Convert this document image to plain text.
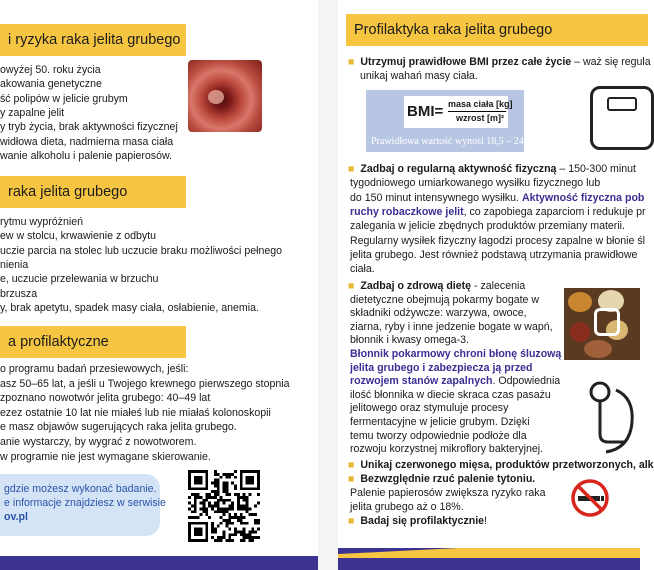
i ryzyka raka jelita grubego
owyżej 50. roku życia
akowania genetyczne
ść polipów w jelicie grubym
y zapalne jelit
y tryb życia, brak aktywności fizycznej
widłowa dieta, nadmierna masa ciała
wanie alkoholu i palenie papierosów.
raka jelita grubego
rytmu wypróżnień
ew w stolcu, krwawienie z odbytu
uczie parcia na stolec lub uczucie braku możliwości pełnego
nienia
e, uczucie przelewania w brzuchu
brzusza
y, brak apetytu, spadek masy ciała, osłabienie, anemia.
a profilaktyczne
o programu badań przesiewowych, jeśli:
asz 50–65 lat, a jeśli u Twojego krewnego pierwszego stopnia
zpoznano nowotwór jelita grubego: 40–49 lat
ezez ostatnie 10 lat nie miałeś lub nie miałaś kolonoskopii
e masz objawów sugerujących raka jelita grubego.
anie wystarczy, by wygrać z nowotworem.
w programie nie jest wymagane skierowanie.
gdzie możesz wykonać badanie.
e informacje znajdziesz w serwisie
ov.pl
Profilaktyka raka jelita grubego
■ Utrzymuj prawidłowe BMI przez całe życie – waż się regula
unikaj wahań masy ciała.
BMI= masa ciała [kg]
wzrost [m]²
Prawidłowa wartość wynosi 18,5 – 24,9.
■ Zadbaj o regularną aktywność fizyczną – 150-300 minut
tygodniowego umiarkowanego wysiłku fizycznego lub
do 150 minut intensywnego wysiłku. Aktywność fizyczna pob
ruchy robaczkowe jelit, co zapobiega zaparciom i redukuje pr
zalegania w jelicie zbędnych produktów przemiany materii.
Regularny wysiłek fizyczny łagodzi procesy zapalne w błonie śl
jelita grubego. Jest również podstawą utrzymania prawidłowe
ciała.
■ Zadbaj o zdrową dietę - zalecenia
dietetyczne obejmują pokarmy bogate w
składniki odżywcze: warzywa, owoce,
ziarna, ryby i inne jedzenie bogate w wapń,
błonnik i kwasy omega-3.
Błonnik pokarmowy chroni błonę śluzową
jelita grubego i zabezpiecza ją przed
rozwojem stanów zapalnych. Odpowiednia
ilość błonnika w diecie skraca czas pasażu
jelitowego oraz stymuluje procesy
fermentacyjne w jelicie grubym. Dzięki
temu tworzy odpowiednie podłoże dla
rozwoju korzystnej mikroflory bakteryjnej.
■ Unikaj czerwonego mięsa, produktów przetworzonych, alk
■ Bezwzględnie rzuć palenie tytoniu.
Palenie papierosów zwiększa ryzyko raka
jelita grubego aż o 18%.
■ Badaj się profilaktycznie!
